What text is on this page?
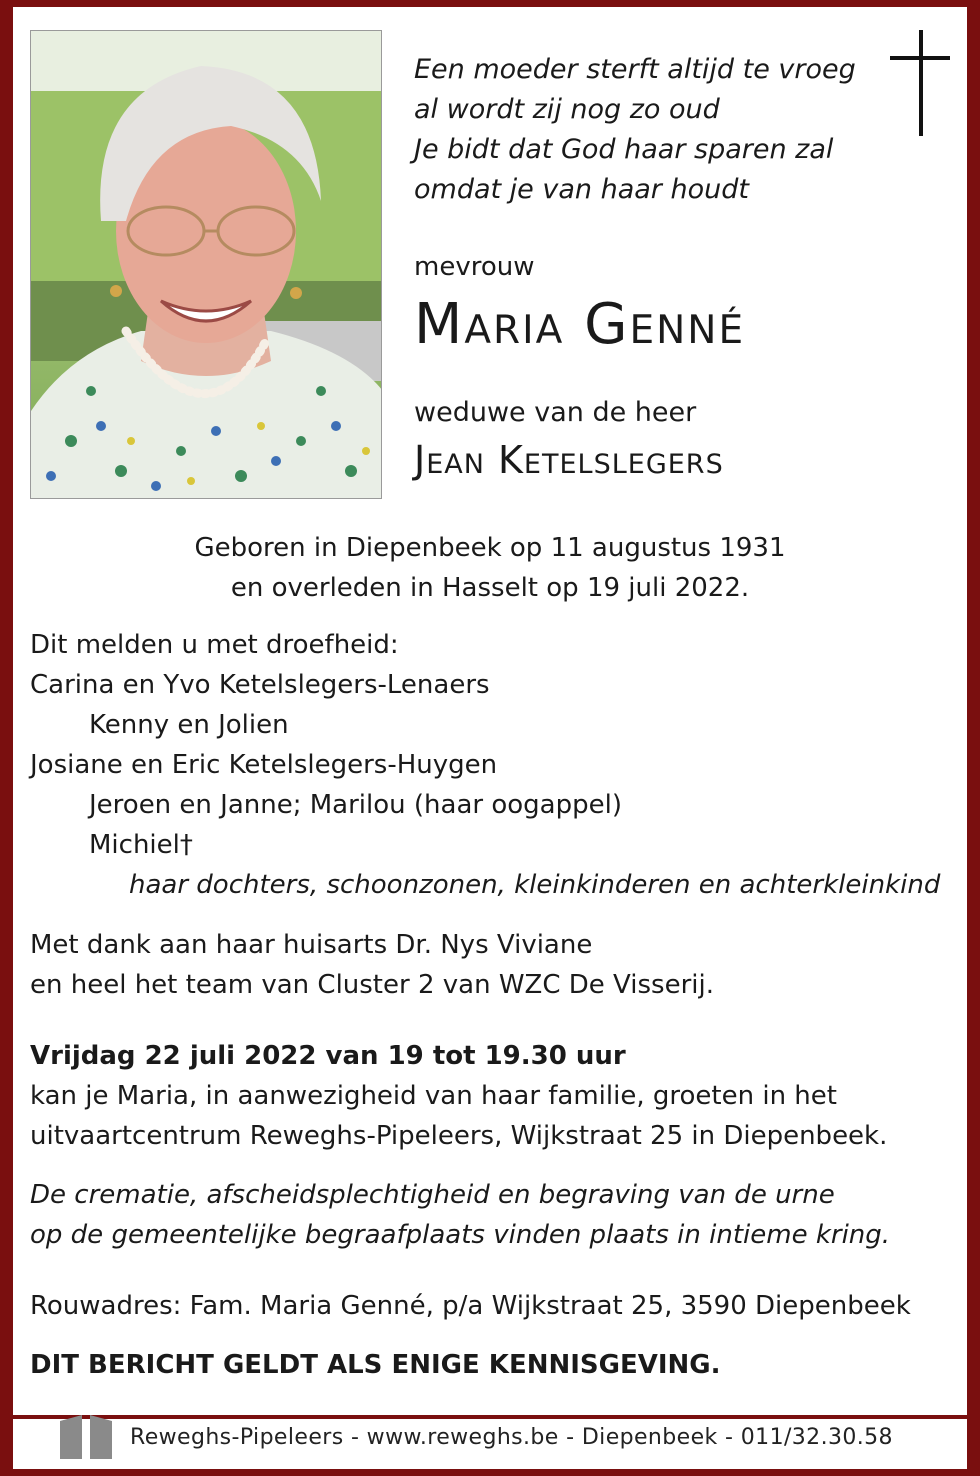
Een moeder sterft altijd te vroeg
al wordt zij nog zo oud
Je bidt dat God haar sparen zal
omdat je van haar houdt
mevrouw
Maria Genné
weduwe van de heer
Jean Ketelslegers
Geboren in Diepenbeek op 11 augustus 1931
en overleden in Hasselt op 19 juli 2022.
Dit melden u met droefheid:
Carina en Yvo Ketelslegers-Lenaers
Kenny en Jolien
Josiane en Eric Ketelslegers-Huygen
Jeroen en Janne; Marilou (haar oogappel)
Michiel†
haar dochters, schoonzonen, kleinkinderen en achterkleinkind
Met dank aan haar huisarts Dr. Nys Viviane
en heel het team van Cluster 2 van WZC De Visserij.
Vrijdag 22 juli 2022 van 19 tot 19.30 uur
kan je Maria, in aanwezigheid van haar familie, groeten in het
uitvaartcentrum Reweghs-Pipeleers, Wijkstraat 25 in Diepenbeek.
De crematie, afscheidsplechtigheid en begraving van de urne
op de gemeentelijke begraafplaats vinden plaats in intieme kring.
Rouwadres: Fam. Maria Genné, p/a Wijkstraat 25, 3590 Diepenbeek
DIT BERICHT GELDT ALS ENIGE KENNISGEVING.
Reweghs-Pipeleers - www.reweghs.be - Diepenbeek - 011/32.30.58
